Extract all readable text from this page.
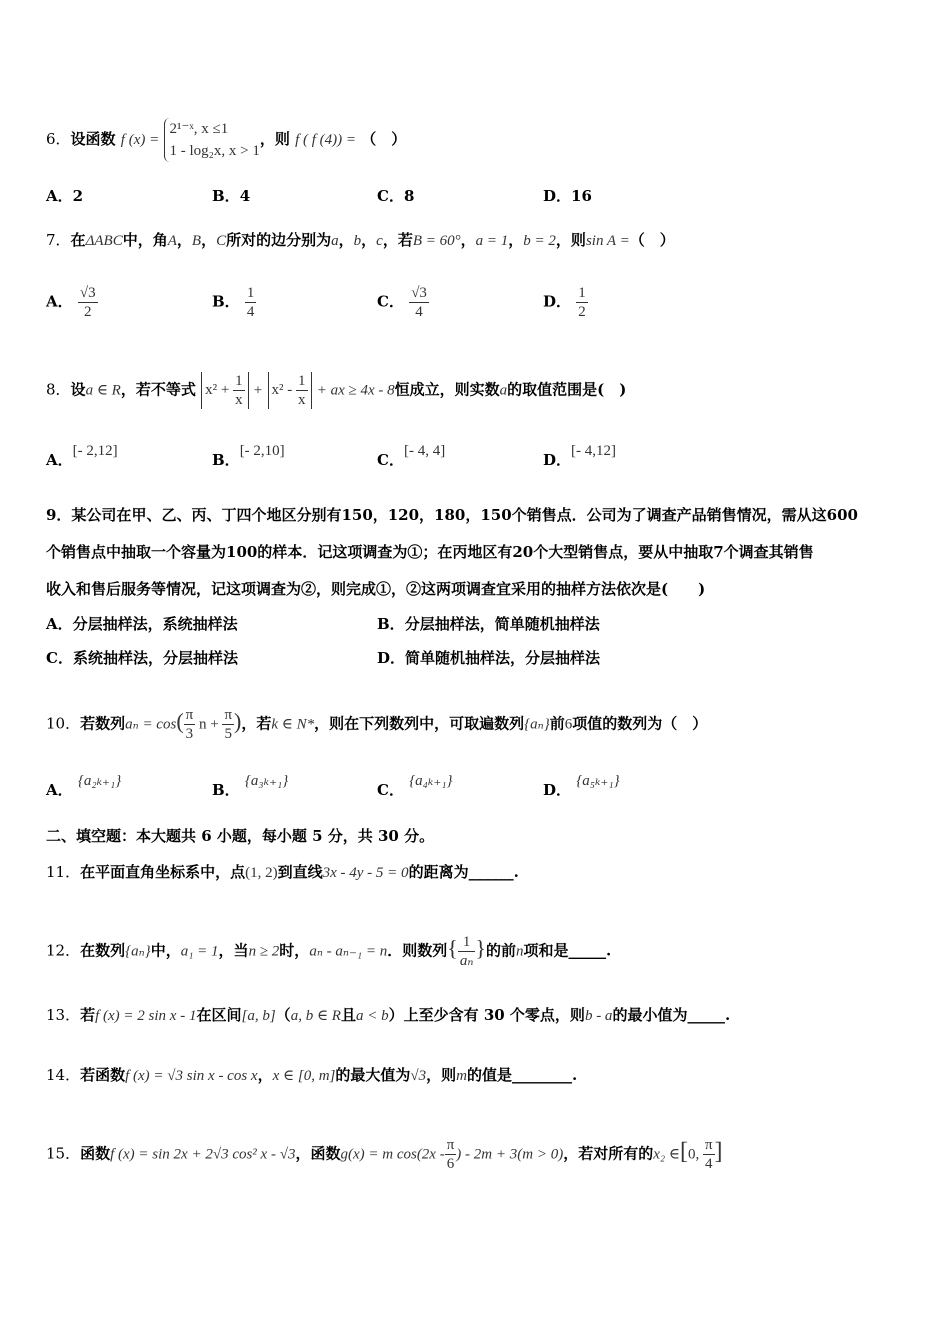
6．设函数 f (x) =
2¹⁻ˣ, x ≤1
1 - log₂x, x > 1
，则 f ( f (4)) = （　）
A．2	B．4	C．8	D．16
7．在ΔABC中，角A，B，C所对的边分别为a，b，c，若B = 60°，a = 1，b = 2，则sin A =（　）
A． $\frac{√3}{2}$	B． $\frac{1}{4}$	C． $\frac{√3}{4}$	D． $\frac{1}{2}$
8．设a ∈ R，若不等式 $x^2 + \frac{1}{x} + x^2 - \frac{1}{x}$ + ax ≥ 4x - 8恒成立，则实数a的取值范围是(　)
A．[- 2,12]	B．[- 2,10]	C．[- 4, 4]	D．[- 4,12]
9．某公司在甲、乙、丙、丁四个地区分别有150，120，180，150个销售点．公司为了调查产品销售情况，需从这600
个销售点中抽取一个容量为100的样本．记这项调查为①；在丙地区有20个大型销售点，要从中抽取7个调查其销售
收入和售后服务等情况，记这项调查为②，则完成①，②这两项调查宜采用的抽样方法依次是(　　)
A．分层抽样法，系统抽样法	B．分层抽样法，简单随机抽样法
C．系统抽样法，分层抽样法	D．简单随机抽样法，分层抽样法
10．若数列$a_n = \cos( \frac{\pi}{3}$ $n + \frac{\pi}{5}$ )，若k ∈ N*，则在下列数列中，可取遍数列{aₙ}前6项值的数列为（　）
A． {a₂ₖ₊₁}	B． {a₃ₖ₊₁}	C． {a₄ₖ₊₁}	D． {a₅ₖ₊₁}
二、填空题：本大题共 6 小题，每小题 5 分，共 30 分。
11．在平面直角坐标系中，点(1, 2)到直线3x - 4y - 5 = 0的距离为______.
12．在数列{aₙ}中，a₁ = 1，当n ≥ 2时，aₙ - aₙ₋₁ = n．则数列{ $\frac{1}{\text{aₙ}}$ }的前n项和是_____.
13．若f (x) = 2 sin x - 1在区间[a, b]（a, b ∈ R且a < b）上至少含有 30 个零点，则b - a的最小值为_____.
14．若函数f (x) = √3 sin x - cos x，x ∈ [0, m]的最大值为√3，则m的值是________.
15．函数f (x) = sin 2x + 2√3 cos² x - √3，函数g(x) = m $\cos(2x - \frac{\pi}{6}$ ) - 2m + 3(m > 0)，若对所有的x₂ ∈[0, $\frac{\pi}{4}$ ]
